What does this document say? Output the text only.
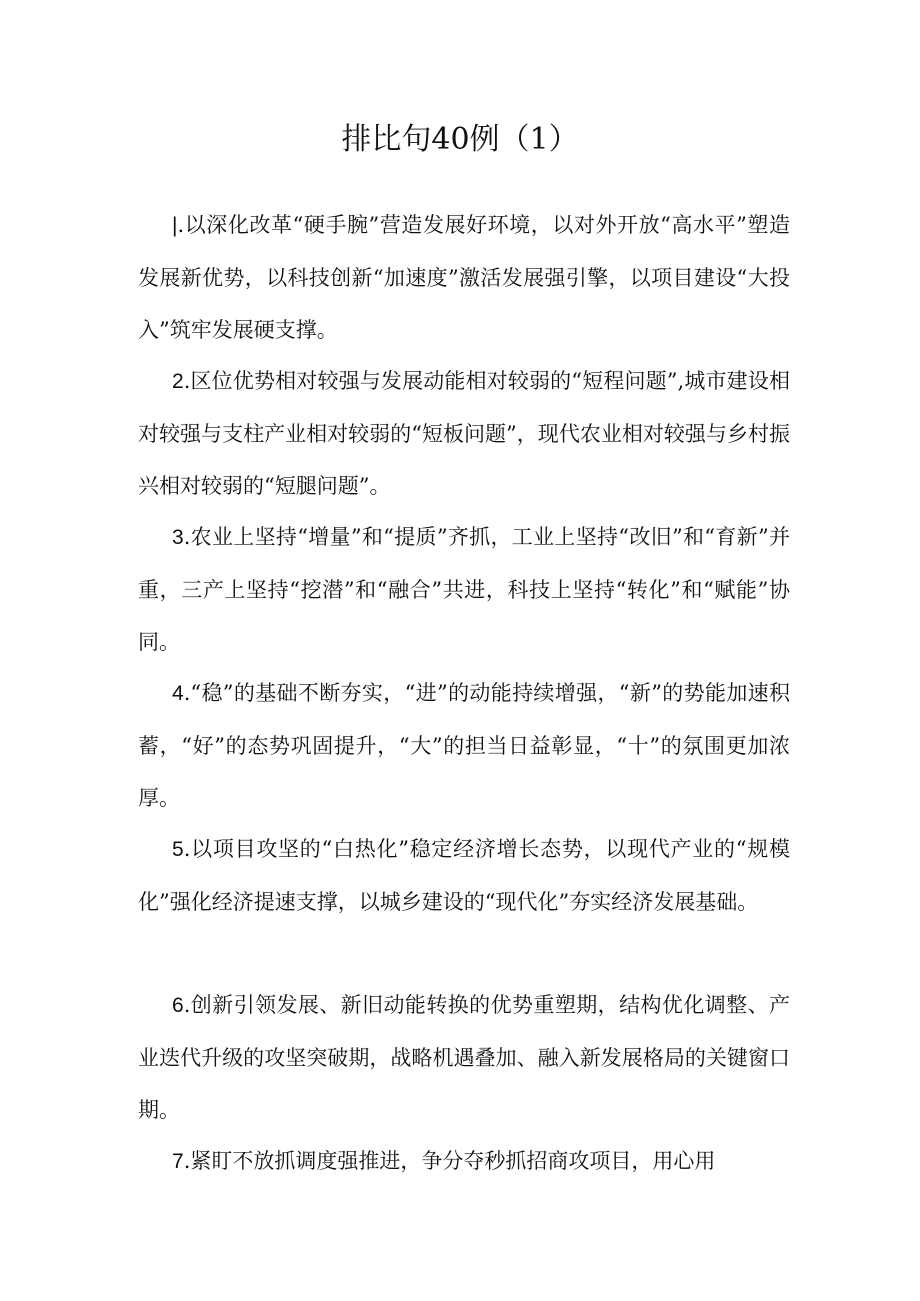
排比句40例（1）

|.以深化改革“硬手腕”营造发展好环境，以对外开放“高水平”塑造发展新优势，以科技创新“加速度”激活发展强引擎，以项目建设“大投入”筑牢发展硬支撑。

2.区位优势相对较强与发展动能相对较弱的“短程问题”,城市建设相对较强与支柱产业相对较弱的“短板问题”，现代农业相对较强与乡村振兴相对较弱的“短腿问题”。

3.农业上坚持“增量”和“提质”齐抓，工业上坚持“改旧”和“育新”并重，三产上坚持“挖潜”和“融合”共进，科技上坚持“转化”和“赋能”协同。

4.“稳”的基础不断夯实，“进”的动能持续增强，“新”的势能加速积蓄，“好”的态势巩固提升，“大”的担当日益彰显，“十”的氛围更加浓厚。

5.以项目攻坚的“白热化”稳定经济增长态势，以现代产业的“规模化”强化经济提速支撑，以城乡建设的“现代化”夯实经济发展基础。

6.创新引领发展、新旧动能转换的优势重塑期，结构优化调整、产业迭代升级的攻坚突破期，战略机遇叠加、融入新发展格局的关键窗口期。

7.紧盯不放抓调度强推进，争分夺秒抓招商攻项目，用心用
